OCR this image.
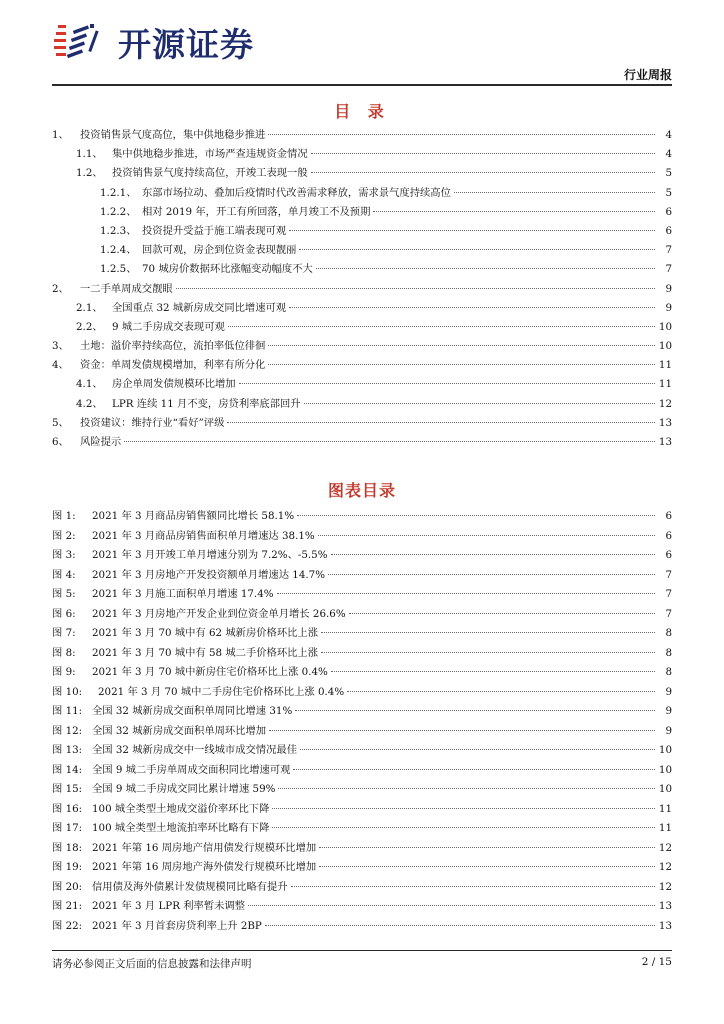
开源证券
行业周报
目 录
1、	投资销售景气度高位，集中供地稳步推进	4
1.1、 集中供地稳步推进，市场严查违规资金情况	4
1.2、 投资销售景气度持续高位，开竣工表现一般	5
1.2.1、 东部市场拉动、叠加后疫情时代改善需求释放，需求景气度持续高位	5
1.2.2、 相对 2019 年，开工有所回落，单月竣工不及预期	6
1.2.3、 投资提升受益于施工端表现可观	6
1.2.4、 回款可观，房企到位资金表现靓丽	7
1.2.5、 70 城房价数据环比涨幅变动幅度不大	7
2、	一二手单周成交靓眼	9
2.1、 全国重点 32 城新房成交同比增速可观	9
2.2、 9 城二手房成交表现可观	10
3、	土地：溢价率持续高位，流拍率低位徘徊	10
4、	资金：单周发债规模增加，利率有所分化	11
4.1、 房企单周发债规模环比增加	11
4.2、 LPR 连续 11 月不变，房贷利率底部回升	12
5、	投资建议：维持行业“看好”评级	13
6、	风险提示	13
图表目录
图 1:	2021 年 3 月商品房销售额同比增长 58.1%	6
图 2:	2021 年 3 月商品房销售面积单月增速达 38.1%	6
图 3:	2021 年 3 月开竣工单月增速分别为 7.2%、-5.5%	6
图 4:	2021 年 3 月房地产开发投资额单月增速达 14.7%	7
图 5:	2021 年 3 月施工面积单月增速 17.4%	7
图 6:	2021 年 3 月房地产开发企业到位资金单月增长 26.6%	7
图 7:	2021 年 3 月 70 城中有 62 城新房价格环比上涨	8
图 8:	2021 年 3 月 70 城中有 58 城二手价格环比上涨	8
图 9:	2021 年 3 月 70 城中新房住宅价格环比上涨 0.4%	8
图 10:	2021 年 3 月 70 城中二手房住宅价格环比上涨 0.4%	9
图 11: 全国 32 城新房成交面积单周同比增速 31%	9
图 12: 全国 32 城新房成交面积单周环比增加	9
图 13: 全国 32 城新房成交中一线城市成交情况最佳	10
图 14: 全国 9 城二手房单周成交面积同比增速可观	10
图 15: 全国 9 城二手房成交同比累计增速 59%	10
图 16: 100 城全类型土地成交溢价率环比下降	11
图 17: 100 城全类型土地流拍率环比略有下降	11
图 18: 2021 年第 16 周房地产信用债发行规模环比增加	12
图 19: 2021 年第 16 周房地产海外债发行规模环比增加	12
图 20: 信用债及海外债累计发债规模同比略有提升	12
图 21: 2021 年 3 月 LPR 利率暂未调整	13
图 22: 2021 年 3 月首套房贷利率上升 2BP	13
请务必参阅正文后面的信息披露和法律声明	2 / 15
